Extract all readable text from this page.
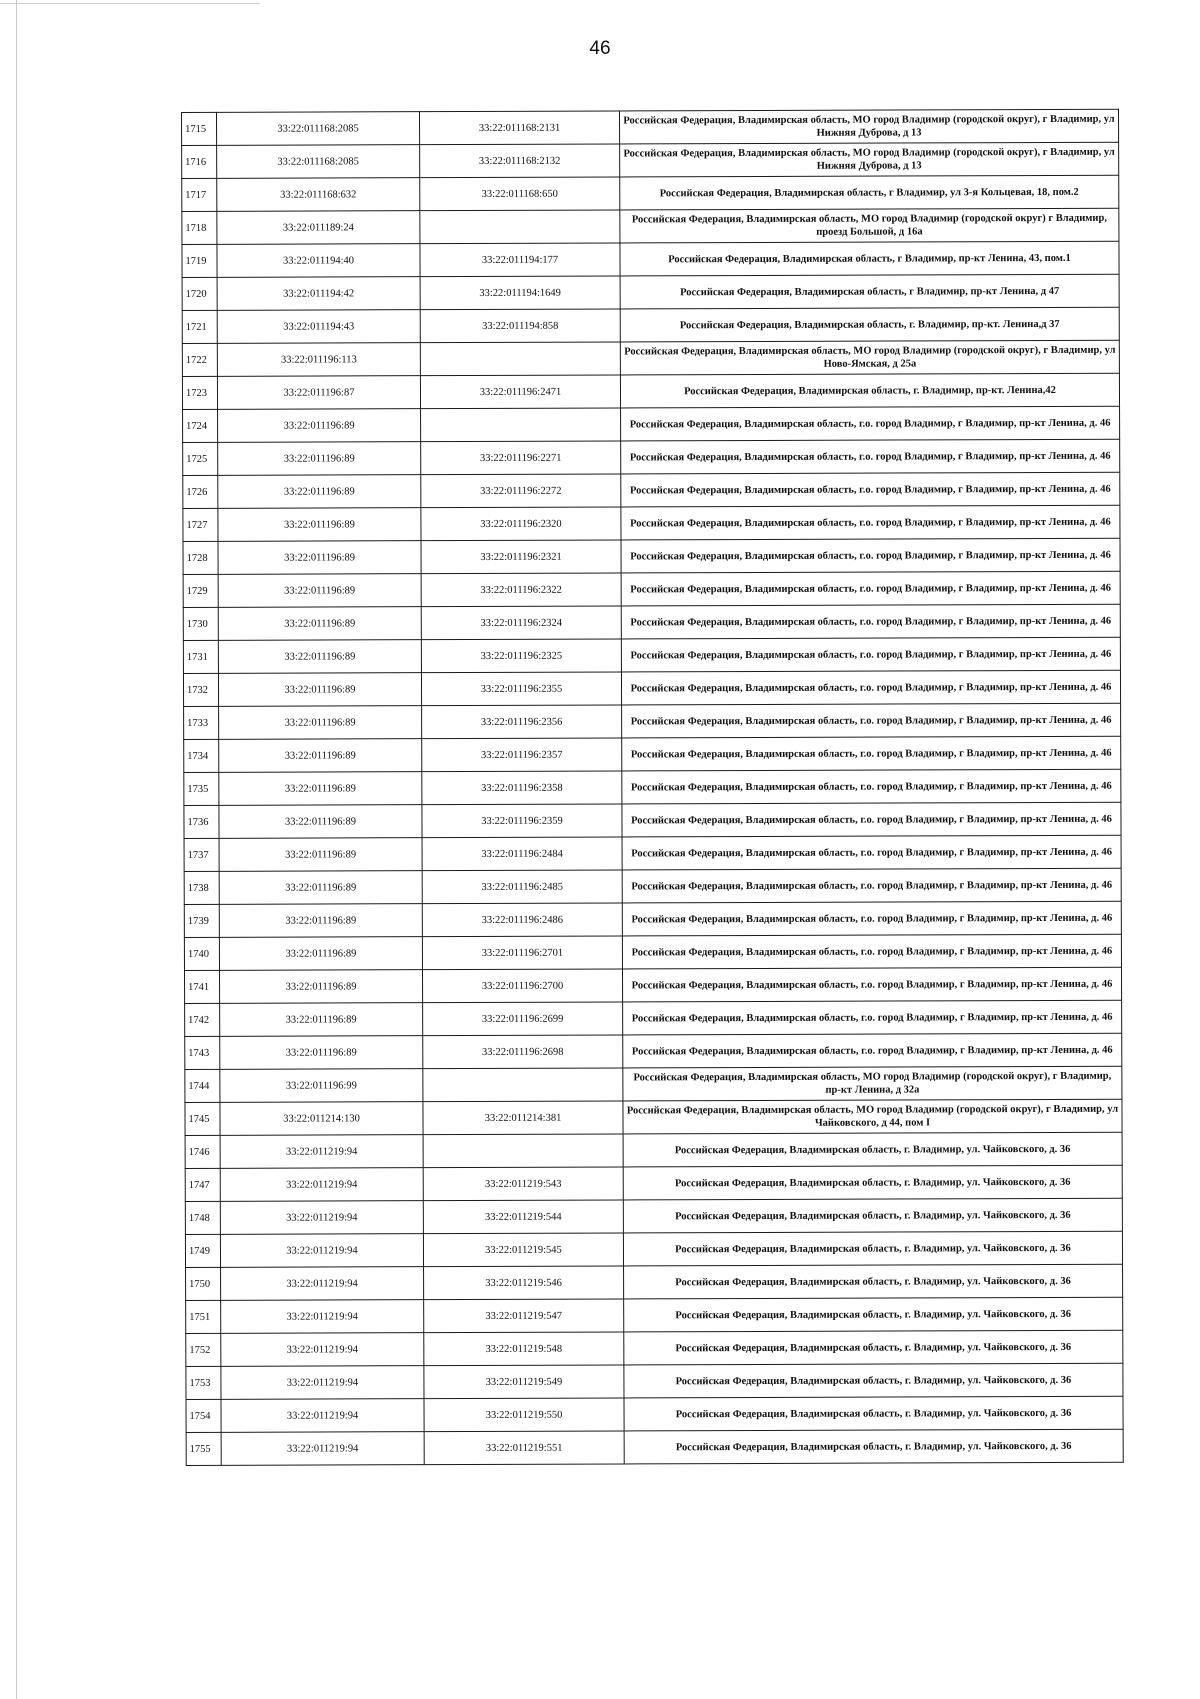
46
1715	33:22:011168:2085	33:22:011168:2131	Российская Федерация, Владимирская область, МО город Владимир (городской округ), г Владимир, ул Нижняя Дуброва, д 13
1716	33:22:011168:2085	33:22:011168:2132	Российская Федерация, Владимирская область, МО город Владимир (городской округ), г Владимир, ул Нижняя Дуброва, д 13
1717	33:22:011168:632	33:22:011168:650	Российская Федерация, Владимирская область, г Владимир, ул 3-я Кольцевая, 18, пом.2
1718	33:22:011189:24		Российская Федерация, Владимирская область, МО город Владимир (городской округ) г Владимир, проезд Большой, д 16а
1719	33:22:011194:40	33:22:011194:177	Российская Федерация, Владимирская область, г Владимир, пр-кт Ленина, 43, пом.1
1720	33:22:011194:42	33:22:011194:1649	Российская Федерация, Владимирская область, г Владимир, пр-кт Ленина, д 47
1721	33:22:011194:43	33:22:011194:858	Российская Федерация, Владимирская область, г. Владимир, пр-кт. Ленина,д 37
1722	33:22:011196:113		Российская Федерация, Владимирская область, МО город Владимир (городской округ), г Владимир, ул Ново-Ямская, д 25а
1723	33:22:011196:87	33:22:011196:2471	Российская Федерация, Владимирская область, г. Владимир, пр-кт. Ленина,42
1724	33:22:011196:89		Российская Федерация, Владимирская область, г.о. город Владимир, г Владимир, пр-кт Ленина, д. 46
1725	33:22:011196:89	33:22:011196:2271	Российская Федерация, Владимирская область, г.о. город Владимир, г Владимир, пр-кт Ленина, д. 46
1726	33:22:011196:89	33:22:011196:2272	Российская Федерация, Владимирская область, г.о. город Владимир, г Владимир, пр-кт Ленина, д. 46
1727	33:22:011196:89	33:22:011196:2320	Российская Федерация, Владимирская область, г.о. город Владимир, г Владимир, пр-кт Ленина, д. 46
1728	33:22:011196:89	33:22:011196:2321	Российская Федерация, Владимирская область, г.о. город Владимир, г Владимир, пр-кт Ленина, д. 46
1729	33:22:011196:89	33:22:011196:2322	Российская Федерация, Владимирская область, г.о. город Владимир, г Владимир, пр-кт Ленина, д. 46
1730	33:22:011196:89	33:22:011196:2324	Российская Федерация, Владимирская область, г.о. город Владимир, г Владимир, пр-кт Ленина, д. 46
1731	33:22:011196:89	33:22:011196:2325	Российская Федерация, Владимирская область, г.о. город Владимир, г Владимир, пр-кт Ленина, д. 46
1732	33:22:011196:89	33:22:011196:2355	Российская Федерация, Владимирская область, г.о. город Владимир, г Владимир, пр-кт Ленина, д. 46
1733	33:22:011196:89	33:22:011196:2356	Российская Федерация, Владимирская область, г.о. город Владимир, г Владимир, пр-кт Ленина, д. 46
1734	33:22:011196:89	33:22:011196:2357	Российская Федерация, Владимирская область, г.о. город Владимир, г Владимир, пр-кт Ленина, д. 46
1735	33:22:011196:89	33:22:011196:2358	Российская Федерация, Владимирская область, г.о. город Владимир, г Владимир, пр-кт Ленина, д. 46
1736	33:22:011196:89	33:22:011196:2359	Российская Федерация, Владимирская область, г.о. город Владимир, г Владимир, пр-кт Ленина, д. 46
1737	33:22:011196:89	33:22:011196:2484	Российская Федерация, Владимирская область, г.о. город Владимир, г Владимир, пр-кт Ленина, д. 46
1738	33:22:011196:89	33:22:011196:2485	Российская Федерация, Владимирская область, г.о. город Владимир, г Владимир, пр-кт Ленина, д. 46
1739	33:22:011196:89	33:22:011196:2486	Российская Федерация, Владимирская область, г.о. город Владимир, г Владимир, пр-кт Ленина, д. 46
1740	33:22:011196:89	33:22:011196:2701	Российская Федерация, Владимирская область, г.о. город Владимир, г Владимир, пр-кт Ленина, д. 46
1741	33:22:011196:89	33:22:011196:2700	Российская Федерация, Владимирская область, г.о. город Владимир, г Владимир, пр-кт Ленина, д. 46
1742	33:22:011196:89	33:22:011196:2699	Российская Федерация, Владимирская область, г.о. город Владимир, г Владимир, пр-кт Ленина, д. 46
1743	33:22:011196:89	33:22:011196:2698	Российская Федерация, Владимирская область, г.о. город Владимир, г Владимир, пр-кт Ленина, д. 46
1744	33:22:011196:99		Российская Федерация, Владимирская область, МО город Владимир (городской округ), г Владимир, пр-кт Ленина, д 32а
1745	33:22:011214:130	33:22:011214:381	Российская Федерация, Владимирская область, МО город Владимир (городской округ), г Владимир, ул Чайковского, д 44, пом I
1746	33:22:011219:94		Российская Федерация, Владимирская область, г. Владимир, ул. Чайковского, д. 36
1747	33:22:011219:94	33:22:011219:543	Российская Федерация, Владимирская область, г. Владимир, ул. Чайковского, д. 36
1748	33:22:011219:94	33:22:011219:544	Российская Федерация, Владимирская область, г. Владимир, ул. Чайковского, д. 36
1749	33:22:011219:94	33:22:011219:545	Российская Федерация, Владимирская область, г. Владимир, ул. Чайковского, д. 36
1750	33:22:011219:94	33:22:011219:546	Российская Федерация, Владимирская область, г. Владимир, ул. Чайковского, д. 36
1751	33:22:011219:94	33:22:011219:547	Российская Федерация, Владимирская область, г. Владимир, ул. Чайковского, д. 36
1752	33:22:011219:94	33:22:011219:548	Российская Федерация, Владимирская область, г. Владимир, ул. Чайковского, д. 36
1753	33:22:011219:94	33:22:011219:549	Российская Федерация, Владимирская область, г. Владимир, ул. Чайковского, д. 36
1754	33:22:011219:94	33:22:011219:550	Российская Федерация, Владимирская область, г. Владимир, ул. Чайковского, д. 36
1755	33:22:011219:94	33:22:011219:551	Российская Федерация, Владимирская область, г. Владимир, ул. Чайковского, д. 36
